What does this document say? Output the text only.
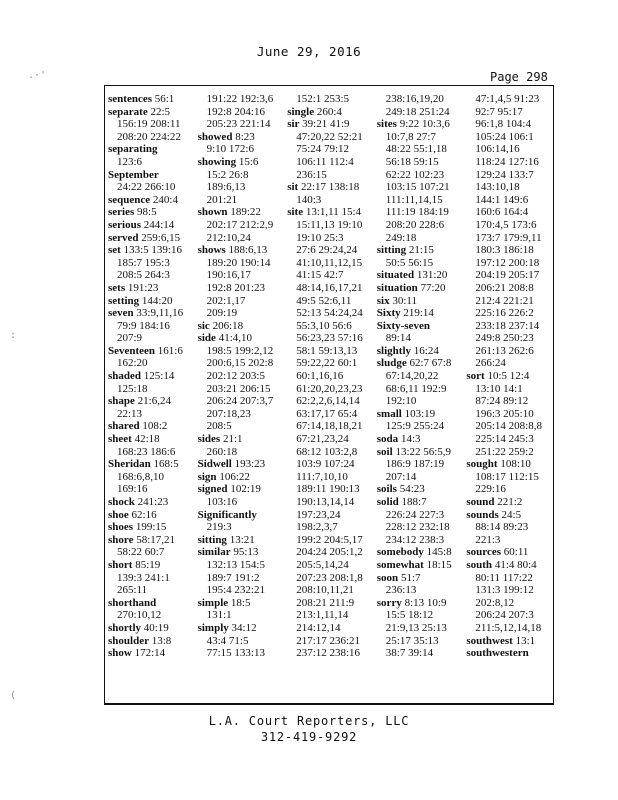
June 29, 2016
Page 298
sentences 56:1
separate 22:5
156:19 208:11
208:20 224:22
separating
123:6
September
24:22 266:10
sequence 240:4
series 98:5
serious 244:14
served 259:6,15
set 133:5 139:16
185:7 195:3
208:5 264:3
sets 191:23
setting 144:20
seven 33:9,11,16
79:9 184:16
207:9
Seventeen 161:6
162:20
shaded 125:14
125:18
shape 21:6,24
22:13
shared 108:2
sheet 42:18
168:23 186:6
Sheridan 168:5
168:6,8,10
169:16
shock 241:23
shoe 62:16
shoes 199:15
shore 58:17,21
58:22 60:7
short 85:19
139:3 241:1
265:11
shorthand
270:10,12
shortly 40:19
shoulder 13:8
show 172:14
191:22 192:3,6
192:8 204:16
205:23 221:14
showed 8:23
9:10 172:6
showing 15:6
15:2 26:8
189:6,13
201:21
shown 189:22
202:17 212:2,9
212:10,24
shows 188:6,13
189:20 190:14
190:16,17
192:8 201:23
202:1,17
209:19
sic 206:18
side 41:4,10
198:5 199:2,12
200:6,15 202:8
202:12 203:5
203:21 206:15
206:24 207:3,7
207:18,23
208:5
sides 21:1
260:18
Sidwell 193:23
sign 106:22
signed 102:19
103:16
Significantly
219:3
sitting 13:21
similar 95:13
132:13 154:5
189:7 191:2
195:4 232:21
simple 18:5
131:1
simply 34:12
43:4 71:5
77:15 133:13
152:1 253:5
single 260:4
sir 39:21 41:9
47:20,22 52:21
75:24 79:12
106:11 112:4
236:15
sit 22:17 138:18
140:3
site 13:1,11 15:4
15:11,13 19:10
19:10 25:3
27:6 29:24,24
41:10,11,12,15
41:15 42:7
48:14,16,17,21
49:5 52:6,11
52:13 54:24,24
55:3,10 56:6
56:23,23 57:16
58:1 59:13,13
59:22,22 60:1
60:1,16,16
61:20,20,23,23
62:2,2,6,14,14
63:17,17 65:4
67:14,18,18,21
67:21,23,24
68:12 103:2,8
103:9 107:24
111:7,10,10
189:11 190:13
190:13,14,14
197:23,24
198:2,3,7
199:2 204:5,17
204:24 205:1,2
205:5,14,24
207:23 208:1,8
208:10,11,21
208:21 211:9
213:1,11,14
214:12,14
217:17 236:21
237:12 238:16
238:16,19,20
249:18 251:24
sites 9:22 10:3,6
10:7,8 27:7
48:22 55:1,18
56:18 59:15
62:22 102:23
103:15 107:21
111:11,14,15
111:19 184:19
208:20 228:6
249:18
sitting 21:15
50:5 56:15
situated 131:20
situation 77:20
six 30:11
Sixty 219:14
Sixty-seven
89:14
slightly 16:24
sludge 62:7 67:8
67:14,20,22
68:6,11 192:9
192:10
small 103:19
125:9 255:24
soda 14:3
soil 13:22 56:5,9
186:9 187:19
207:14
soils 54:23
solid 188:7
226:24 227:3
228:12 232:18
234:12 238:3
somebody 145:8
somewhat 18:15
soon 51:7
236:13
sorry 8:13 10:9
15:5 18:12
21:9,13 25:13
25:17 35:13
38:7 39:14
47:1,4,5 91:23
92:7 95:17
96:1,8 104:4
105:24 106:1
106:14,16
118:24 127:16
129:24 133:7
143:10,18
144:1 149:6
160:6 164:4
170:4,5 173:6
173:7 179:9,11
180:3 186:18
197:12 200:18
204:19 205:17
206:21 208:8
212:4 221:21
225:16 226:2
233:18 237:14
249:8 250:23
261:13 262:6
266:24
sort 10:5 12:4
13:10 14:1
87:24 89:12
196:3 205:10
205:14 208:8,8
225:14 245:3
251:22 259:2
sought 108:10
108:17 112:15
229:16
sound 221:2
sounds 24:5
88:14 89:23
221:3
sources 60:11
south 41:4 80:4
80:11 117:22
131:3 199:12
202:8,12
206:24 207:3
211:5,12,14,18
southwest 13:1
southwestern
L.A. Court Reporters, LLC
312-419-9292
.·'
:
(
